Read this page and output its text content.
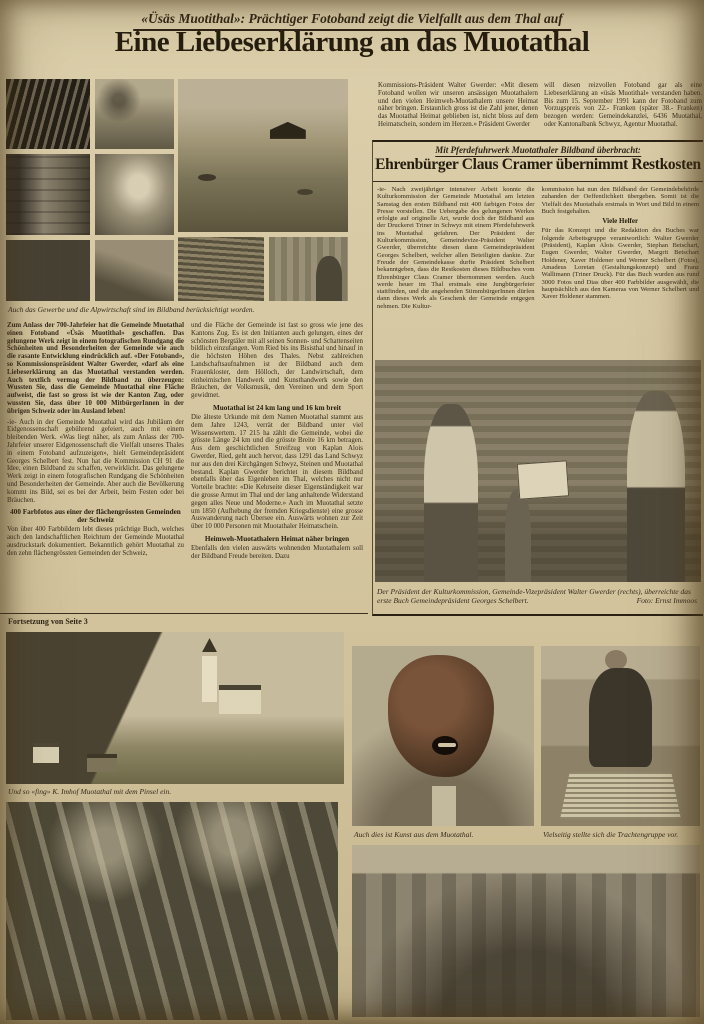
«Üsäs Muotithal»: Prächtiger Fotoband zeigt die Vielfallt aus dem Thal auf
Eine Liebeserklärung an das Muotathal
Auch das Gewerbe und die Alpwirtschaft sind im Bildband berücksichtigt worden.

Zum Anlass der 700-Jahrfeier hat die Gemeinde Muotathal einen Fotoband «Üsäs Muotithal» geschaffen. Das gelungene Werk zeigt in einem fotografischen Rundgang die Schönheiten und Besonderheiten der Gemeinde wie auch die rasante Entwicklung eindrücklich auf. «Der Fotoband», so Kommissionspräsident Walter Gwerder, «darf als eine Liebeserklärung an das Muotathal verstanden werden. Auch textlich vermag der Bildband zu überzeugen: Wussten Sie, dass die Gemeinde Muotathal eine Fläche aufweist, die fast so gross ist wie der Kanton Zug, oder wussten Sie, dass über 10 000 MitbürgerInnen in der übrigen Schweiz oder im Ausland leben!

-ie- Auch in der Gemeinde Muotathal wird das Jubiläum der Eidgenossenschaft gebührend gefeiert, auch mit einem bleibenden Werk. «Was liegt näher, als zum Anlass der 700-Jahrfeier unserer Eidgenossenschaft die Vielfalt unseres Thales in einem Fotoband aufzuzeigen», hielt Gemeindepräsident Georges Schelbert fest. Nun hat die Kommission CH 91 die Idee, einen Bildband zu schaffen, verwirklicht. Das gelungene Werk zeigt in einem fotografischen Rundgang die Schönheiten und Besonderheiten der Gemeinde. Aber auch die Bevölkerung kommt ins Bild, sei es bei der Arbeit, beim Festen oder bei Bräuchen.

400 Farbfotos aus einer der flächengrössten Gemeinden der Schweiz

Von über 400 Farbbildern lebt dieses prächtige Buch, welches auch den landschaftlichen Reichtum der Gemeinde Muotathal ausdruckstark dokumentiert. Bekanntlich gehört Muotathal zu den zehn flächengrössten Gemeinden der Schweiz,

und die Fläche der Gemeinde ist fast so gross wie jene des Kantons Zug. Es ist den Initianten auch gelungen, eines der schönsten Bergtäler mit all seinen Sonnen- und Schattenseiten bildlich einzufangen. Vom Ried bis ins Bisisthal und hinauf in die höchsten Höhen des Thales. Nebst zahlreichen Landschaftsaufnahmen ist der Bildband auch dem Frauenkloster, dem Hölloch, der Landwirtschaft, dem einheimischen Handwerk und Kunsthandwerk sowie den Bräuchen, der Volksmusik, den Vereinen und dem Sport gewidmet.

Muotathal ist 24 km lang und 16 km breit

Die älteste Urkunde mit dem Namen Muotathal stammt aus dem Jahre 1243, verrät der Bildband unter viel Wissenswertem. 17 215 ha zählt die Gemeinde, wobei die grösste Länge 24 km und die grösste Breite 16 km betragen. Aus dem geschichtlichen Streifzug von Kaplan Alois Gwerder, Ried, geht auch hervor, dass 1291 das Land Schwyz nur aus den drei Kirchgängen Schwyz, Steinen und Muotathal bestand. Kaplan Gwerder berichtet in diesem Bildband ebenfalls über das Eigenleben im Thal, welches nicht nur Vorteile brachte: «Die Kehrseite dieser Eigenständigkeit war die grosse Armut im Thal und der lang anhaltende Widerstand gegen alles Neue und Moderne.» Auch im Muotathal setzte um 1850 (Aufhebung der fremden Kriegsdienste) eine grosse Auswanderung nach Übersee ein. Auswärts wohnen zur Zeit über 10 000 Personen mit Muotathaler Heimatschein.

Heimweh-Muotathalern Heimat näher bringen

Ebenfalls den vielen auswärts wohnenden Muotathalern soll der Bildband Freude bereiten. Dazu

Kommissions-Präsident Walter Gwerder: «Mit diesem Fotoband wollen wir unseren ansässigen Muotathalern und den vielen Heimweh-Muotathalern unsere Heimat näher bringen. Erstaunlich gross ist die Zahl jener, denen das Muotathal Heimat geblieben ist, nicht bloss auf dem Heimatschein, sondern im Herzen.» Präsident Gwerder
will diesen reizvollen Fotoband gar als eine Liebeserklärung an «üsäs Muotithal» verstanden haben. Bis zum 15. September 1991 kann der Fotoband zum Vorzugspreis von 22.- Franken (später 38.- Franken) bezogen werden: Gemeindekanzlei, 6436 Muotathal, oder Kantonalbank Schwyz, Agentur Muotathal.
Mit Pferdefuhrwerk Muotathaler Bildband überbracht:
Ehrenbürger Claus Cramer übernimmt Restkosten
-ie- Nach zweijähriger intensiver Arbeit konnte die Kulturkommission der Gemeinde Muotathal am letzten Samstag den ersten Bildband mit 400 farbigen Fotos der Presse vorstellen. Die Uebergabe des gelungenen Werkes erfolgte auf originelle Art, wurde doch der Bildband aus der Druckerei Triner in Schwyz mit einem Pferdefuhrwerk ins Muotathal gefahren. Der Präsident der Kulturkommission, Gemeindevize-Präsident Walter Gwerder, überreichte diesen dann Gemeindepräsident Georges Schelbert, welcher allen Beteiligten dankte. Zur Freude der Gemeindekasse durfte Präsident Schelbert bekanntgeben, dass die Restkosten dieses Bildbuches vom Ehrenbürger Claus Cramer übernommen werden. Auch werde heuer im Thal erstmals eine Jungbürgerfeier stattfinden, und die angehenden StimmbürgerInnen dürfen dann dieses Werk als Geschenk der Gemeinde entgegen nehmen. Die Kultur-

kommission hat nun den Bildband der Gemeindebehörde zuhanden der Oeffentlichkeit übergeben. Somit ist die Vielfalt des Muotathals erstmals in Wort und Bild in einem Buch festgehalten.

Viele Helfer

Für das Konzept und die Redaktion des Buches war folgende Arbeitsgruppe verantwortlich: Walter Gwerder (Präsident), Kaplan Alois Gwerder, Stephan Betschart, Eugen Gwerder, Walter Gwerder, Margrit Betschart Holdener, Xaver Holdener und Werner Schelbert (Fotos), Amadeus Loretan (Gestaltungskonzept) und Franz Wallimann (Triner Druck). Für das Buch wurden aus rund 3000 Fotos und Dias über 400 Farbbilder ausgewählt, die hauptsächlich aus den Kameras von Werner Schelbert und Xaver Holdener stammen.

Der Präsident der Kulturkommission, Gemeinde-Vizepräsident Walter Gwerder (rechts), überreichte das erste Buch Gemeindepräsident Georges Schelbert.	Foto: Ernst Immoos
Fortsetzung von Seite 3
Und so «fing» K. Imhof Muotathal mit dem Pinsel ein.
Auch dies ist Kunst aus dem Muotathal.	Vielseitig stellte sich die Trachtengruppe vor.
